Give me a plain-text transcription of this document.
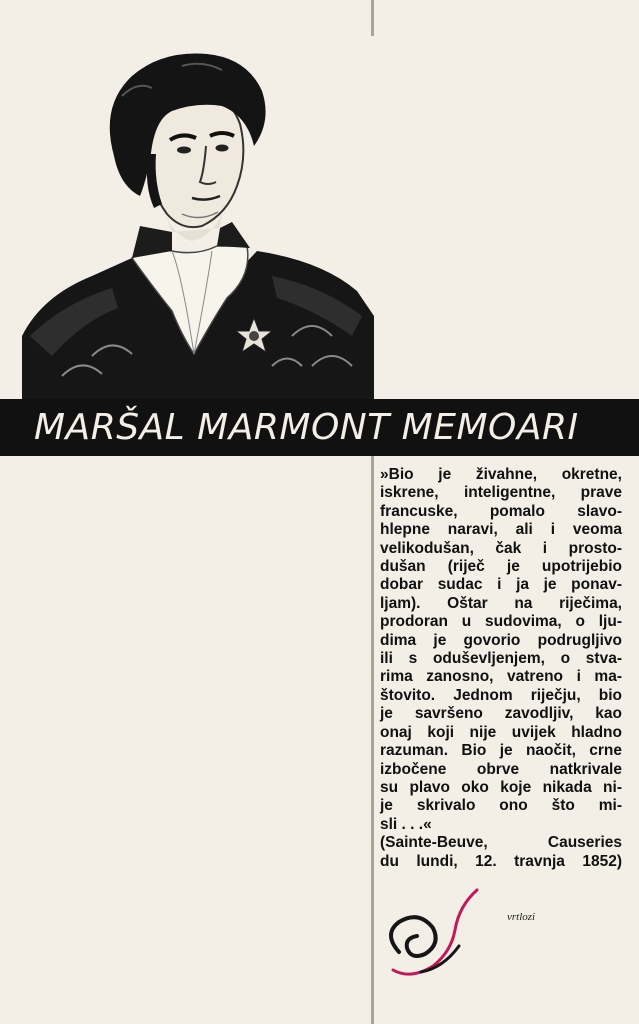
MARŠAL MARMONT MEMOARI
»Bio je živahne, okretne,
iskrene, inteligentne, prave
francuske, pomalo slavo-
hlepne naravi, ali i veoma
velikodušan, čak i prosto-
dušan (riječ je upotrijebio
dobar sudac i ja je ponav-
ljam). Oštar na riječima,
prodoran u sudovima, o lju-
dima je govorio podrugljivo
ili s oduševljenjem, o stva-
rima zanosno, vatreno i ma-
štovito. Jednom riječju, bio
je savršeno zavodljiv, kao
onaj koji nije uvijek hladno
razuman. Bio je naočit, crne
izbočene obrve natkrivale
su plavo oko koje nikada ni-
je skrivalo ono što mi-
sli . . .«
(Sainte-Beuve, Causeries
du lundi, 12. travnja 1852)
vrtlozi
